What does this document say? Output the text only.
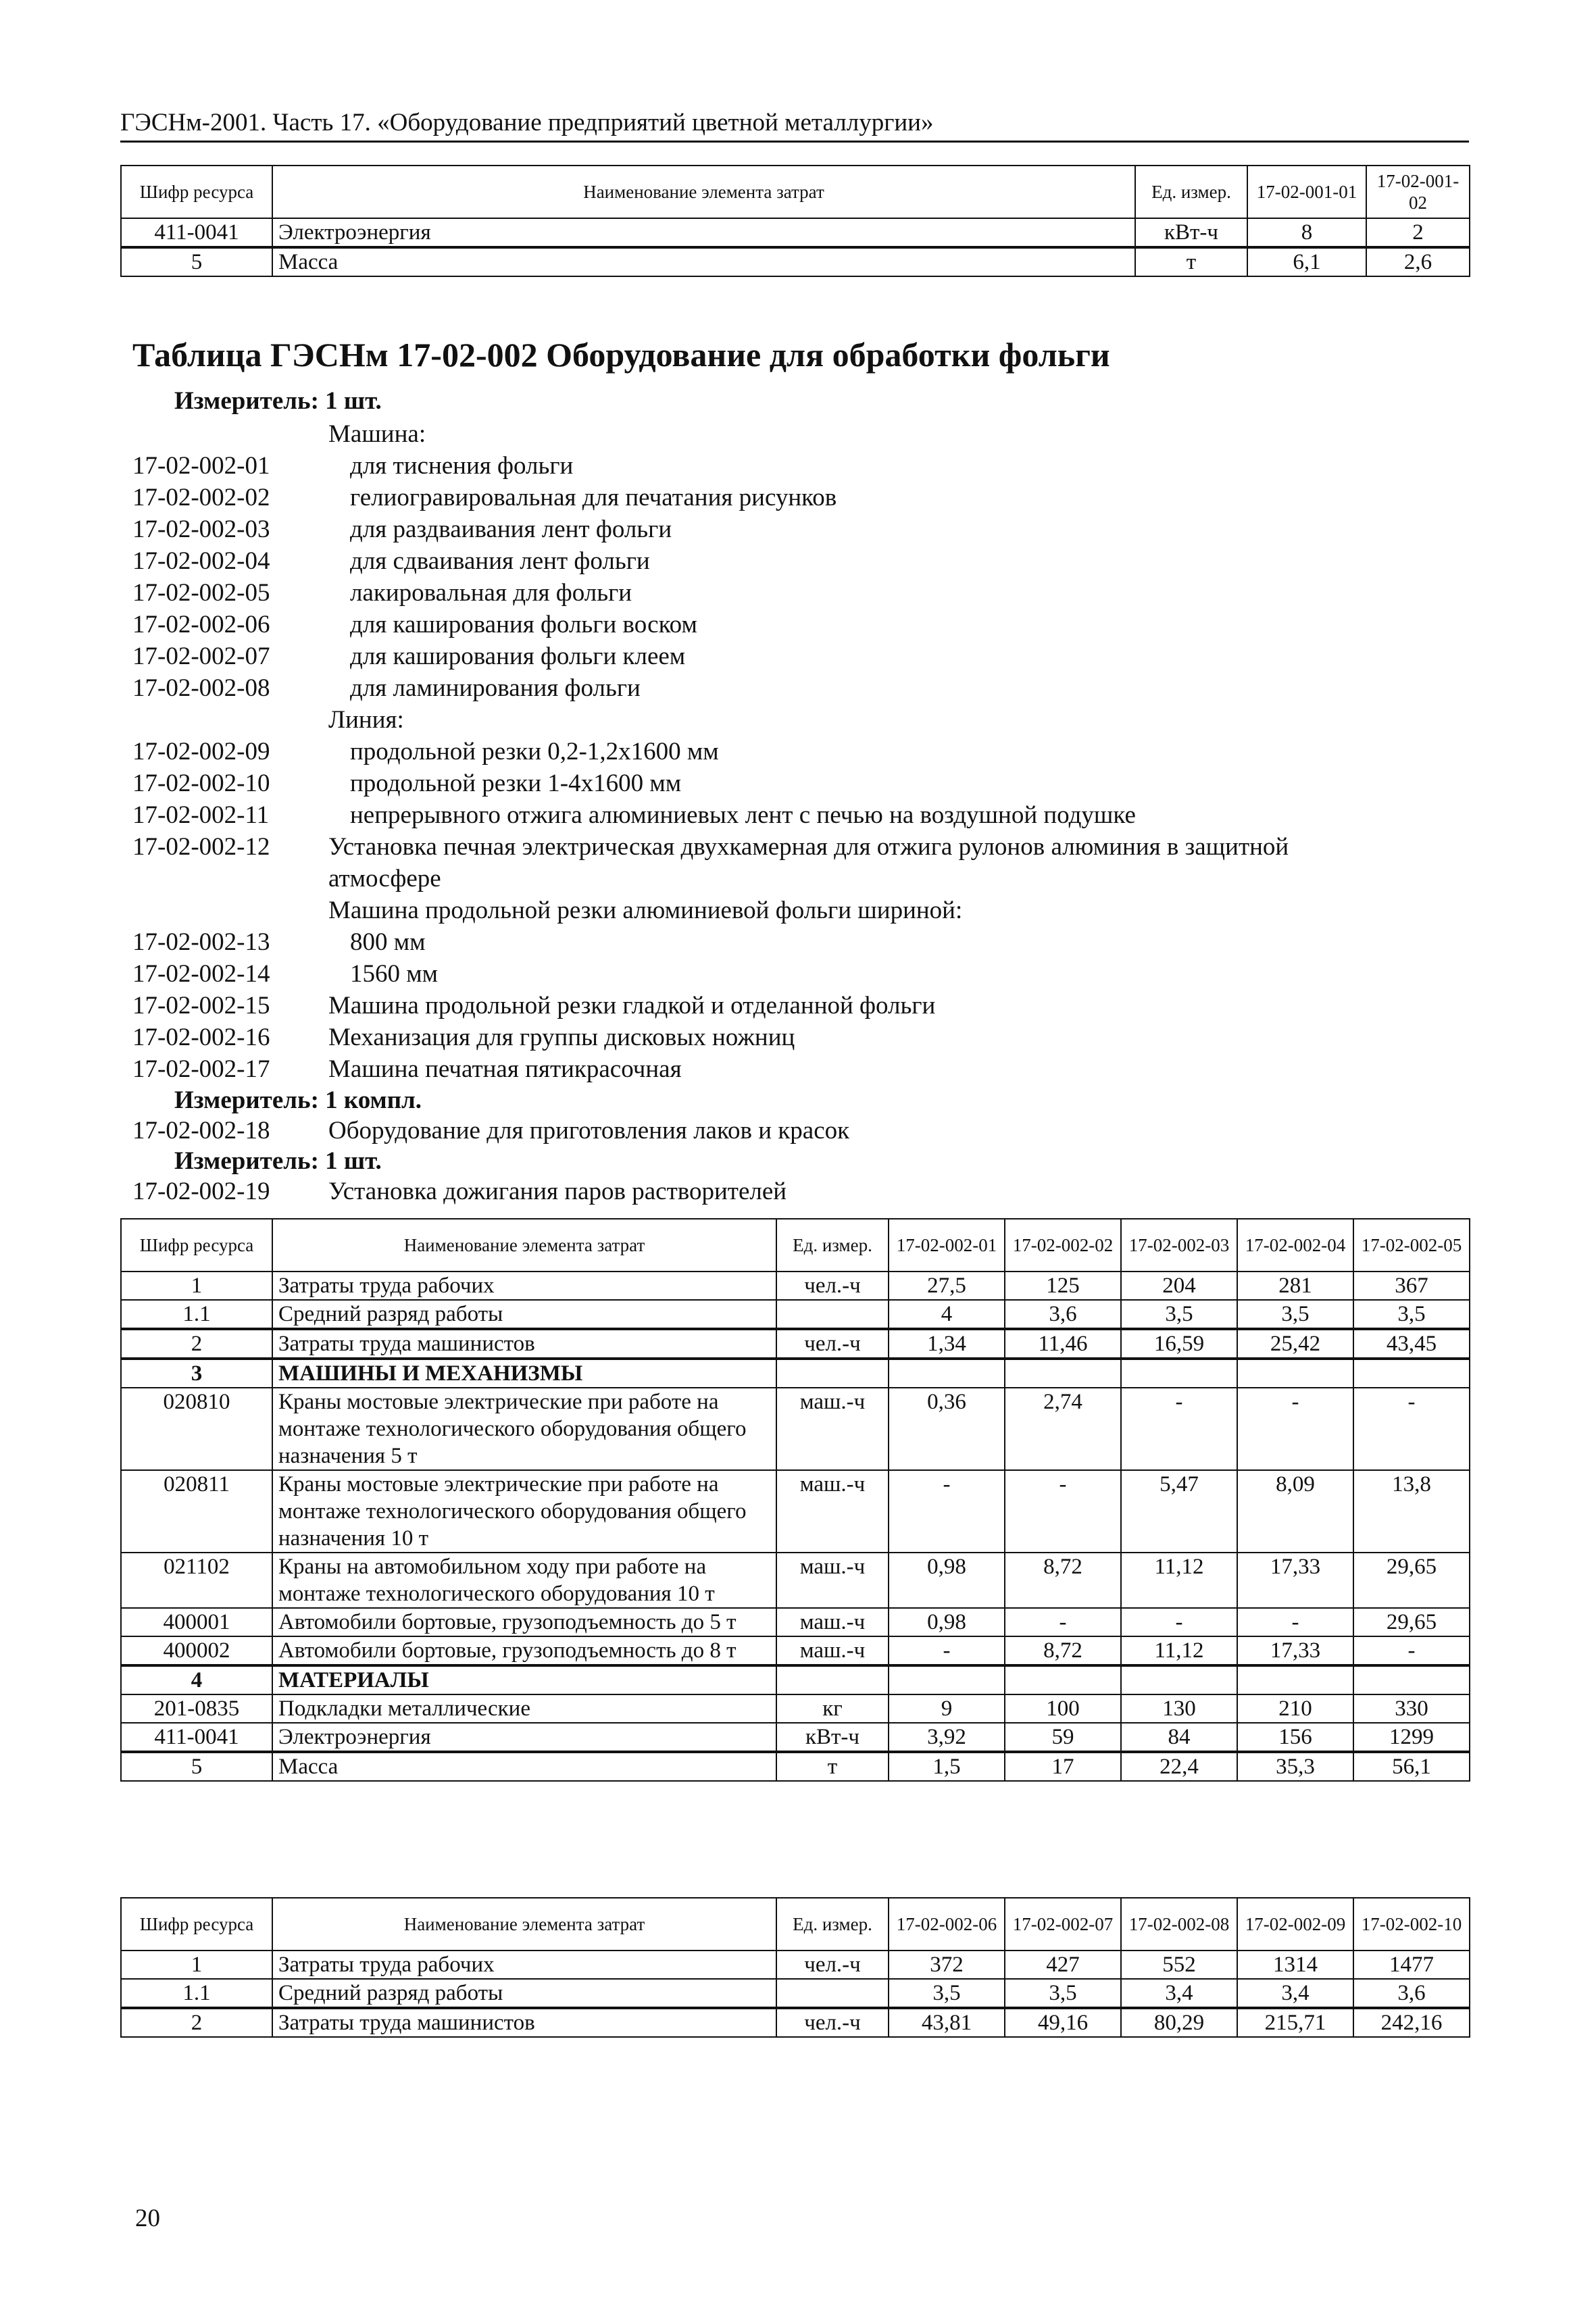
ГЭСНм-2001. Часть 17. «Оборудование предприятий цветной металлургии»
Шифр ресурса	Наименование элемента затрат	Ед. измер.	17-02-001-01	17-02-001-02
411-0041	Электроэнергия	кВт-ч	8	2
5	Масса	т	6,1	2,6
Таблица ГЭСНм 17-02-002 Оборудование для обработки фольги
Измеритель: 1 шт.
Машина:
17-02-002-01	для тиснения фольги
17-02-002-02	гелиогравировальная для печатания рисунков
17-02-002-03	для раздваивания лент фольги
17-02-002-04	для сдваивания лент фольги
17-02-002-05	лакировальная для фольги
17-02-002-06	для каширования фольги воском
17-02-002-07	для каширования фольги клеем
17-02-002-08	для ламинирования фольги
Линия:
17-02-002-09	продольной резки 0,2-1,2х1600 мм
17-02-002-10	продольной резки 1-4х1600 мм
17-02-002-11	непрерывного отжига алюминиевых лент с печью на воздушной подушке
17-02-002-12 Установка печная электрическая двухкамерная для отжига рулонов алюминия в защитной
атмосфере
Машина продольной резки алюминиевой фольги шириной:
17-02-002-13	800 мм
17-02-002-14	1560 мм
17-02-002-15 Машина продольной резки гладкой и отделанной фольги
17-02-002-16 Механизация для группы дисковых ножниц
17-02-002-17 Машина печатная пятикрасочная
Измеритель: 1 компл.
17-02-002-18 Оборудование для приготовления лаков и красок
Измеритель: 1 шт.
17-02-002-19 Установка дожигания паров растворителей
Шифр ресурса	Наименование элемента затрат	Ед. измер.	17-02-002-01	17-02-002-02	17-02-002-03	17-02-002-04	17-02-002-05
1	Затраты труда рабочих	чел.-ч	27,5	125	204	281	367
1.1	Средний разряд работы		4	3,6	3,5	3,5	3,5
2	Затраты труда машинистов	чел.-ч	1,34	11,46	16,59	25,42	43,45
3	МАШИНЫ И МЕХАНИЗМЫ						
020810	Краны мостовые электрические при работе на монтаже технологического оборудования общего назначения 5 т	маш.-ч	0,36	2,74	-	-	-
020811	Краны мостовые электрические при работе на монтаже технологического оборудования общего назначения 10 т	маш.-ч	-	-	5,47	8,09	13,8
021102	Краны на автомобильном ходу при работе на монтаже технологического оборудования 10 т	маш.-ч	0,98	8,72	11,12	17,33	29,65
400001	Автомобили бортовые, грузоподъемность до 5 т	маш.-ч	0,98	-	-	-	29,65
400002	Автомобили бортовые, грузоподъемность до 8 т	маш.-ч	-	8,72	11,12	17,33	-
4	МАТЕРИАЛЫ						
201-0835	Подкладки металлические	кг	9	100	130	210	330
411-0041	Электроэнергия	кВт-ч	3,92	59	84	156	1299
5	Масса	т	1,5	17	22,4	35,3	56,1
Шифр ресурса	Наименование элемента затрат	Ед. измер.	17-02-002-06	17-02-002-07	17-02-002-08	17-02-002-09	17-02-002-10
1	Затраты труда рабочих	чел.-ч	372	427	552	1314	1477
1.1	Средний разряд работы		3,5	3,5	3,4	3,4	3,6
2	Затраты труда машинистов	чел.-ч	43,81	49,16	80,29	215,71	242,16
20
